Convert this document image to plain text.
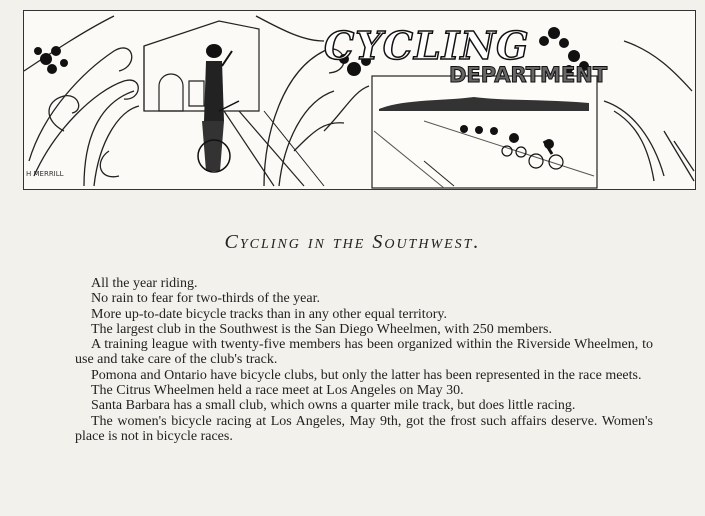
CYCLING
DEPARTMENT
H MERRILL
Cycling in the Southwest.

All the year riding.

No rain to fear for two-thirds of the year.

More up-to-date bicycle tracks than in any other equal territory.

The largest club in the Southwest is the San Diego Wheelmen, with 250 members.

A training league with twenty-five members has been organized within the Riverside Wheelmen, to use and take care of the club's track.

Pomona and Ontario have bicycle clubs, but only the latter has been represented in the race meets.

The Citrus Wheelmen held a race meet at Los Angeles on May 30.

Santa Barbara has a small club, which owns a quarter mile track, but does little racing.

The women's bicycle racing at Los Angeles, May 9th, got the frost such affairs deserve. Women's place is not in bicycle races.
